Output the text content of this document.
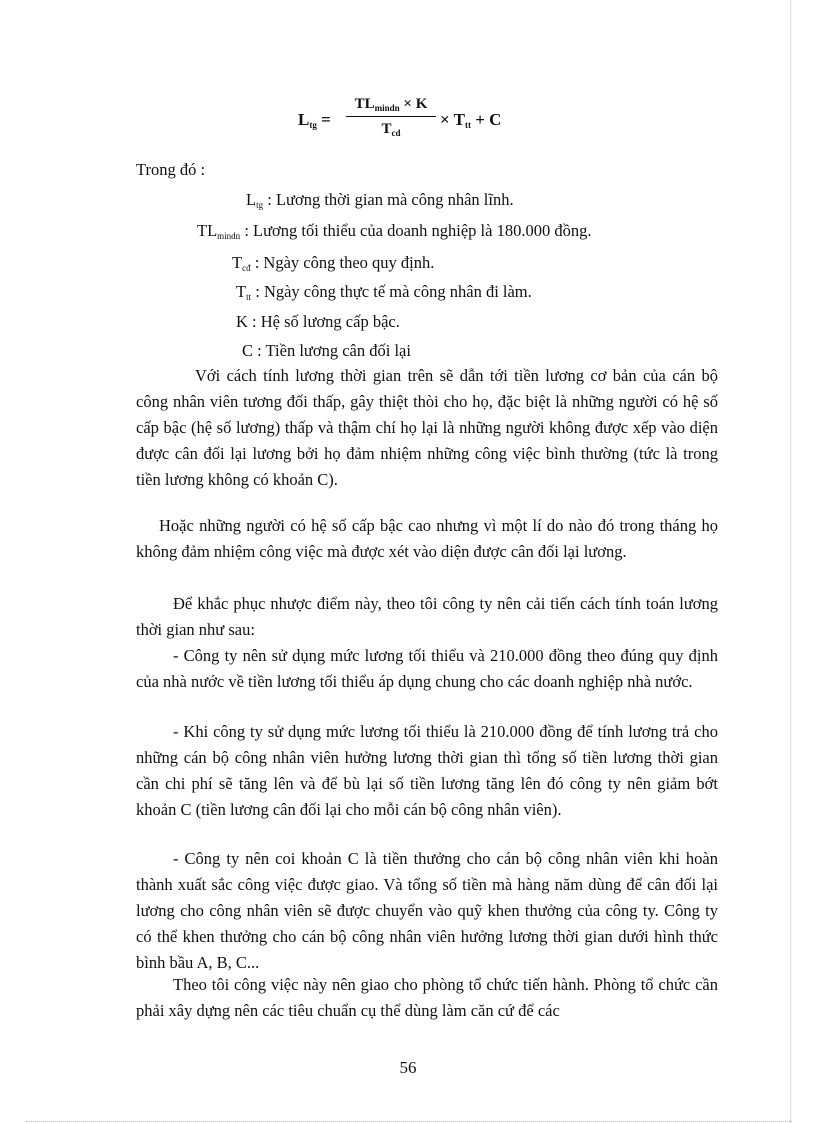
$L_{tg}$ =
$TL_{mindn} \times K$
$T_{cd}$
× $T_{tt} + C$
Trong đó :
$L_{tg}$ : Lương thời gian mà công nhân lĩnh.
$TL_{mindn}$ : Lương tối thiểu của doanh nghiệp là 180.000 đồng.
$T_{cđ}$ : Ngày công theo quy định.
$T_{tt}$ : Ngày công thực tế mà công nhân đi làm.
K : Hệ số lương cấp bậc.
C : Tiền lương cân đối lại
Với cách tính lương thời gian trên sẽ dẫn tới tiền lương cơ bản của cán bộ công nhân viên tương đối thấp, gây thiệt thòi cho họ, đặc biệt là những người có hệ số cấp bậc (hệ số lương) thấp và thậm chí họ lại là những người không được xếp vào diện được cân đối lại lương bởi họ đảm nhiệm những công việc bình thường (tức là trong tiền lương không có khoản C).
Hoặc những người có hệ số cấp bậc cao nhưng vì một lí do nào đó trong tháng họ không đảm nhiệm công việc mà được xét vào diện được cân đối lại lương.
Để khắc phục nhược điểm này, theo tôi công ty nên cải tiến cách tính toán lương thời gian như sau:
- Công ty nên sử dụng mức lương tối thiểu và 210.000 đồng theo đúng quy định của nhà nước về tiền lương tối thiểu áp dụng chung cho các doanh nghiệp nhà nước.
- Khi công ty sử dụng mức lương tối thiểu là 210.000 đồng để tính lương trả cho những cán bộ công nhân viên hưởng lương thời gian thì tổng số tiền lương thời gian cần chi phí sẽ tăng lên và để bù lại số tiền lương tăng lên đó công ty nên giảm bớt khoản C (tiền lương cân đối lại cho mỗi cán bộ công nhân viên).
- Công ty nên coi khoản C là tiền thưởng cho cán bộ công nhân viên khi hoàn thành xuất sắc công việc được giao. Và tổng số tiền mà hàng năm dùng để cân đối lại lương cho công nhân viên sẽ được chuyển vào quỹ khen thưởng của công ty. Công ty có thể khen thưởng cho cán bộ công nhân viên hưởng lương thời gian dưới hình thức bình bầu A, B, C...
Theo tôi công việc này nên giao cho phòng tổ chức tiến hành. Phòng tổ chức cần phải xây dựng nên các tiêu chuẩn cụ thể dùng làm căn cứ để các
56
